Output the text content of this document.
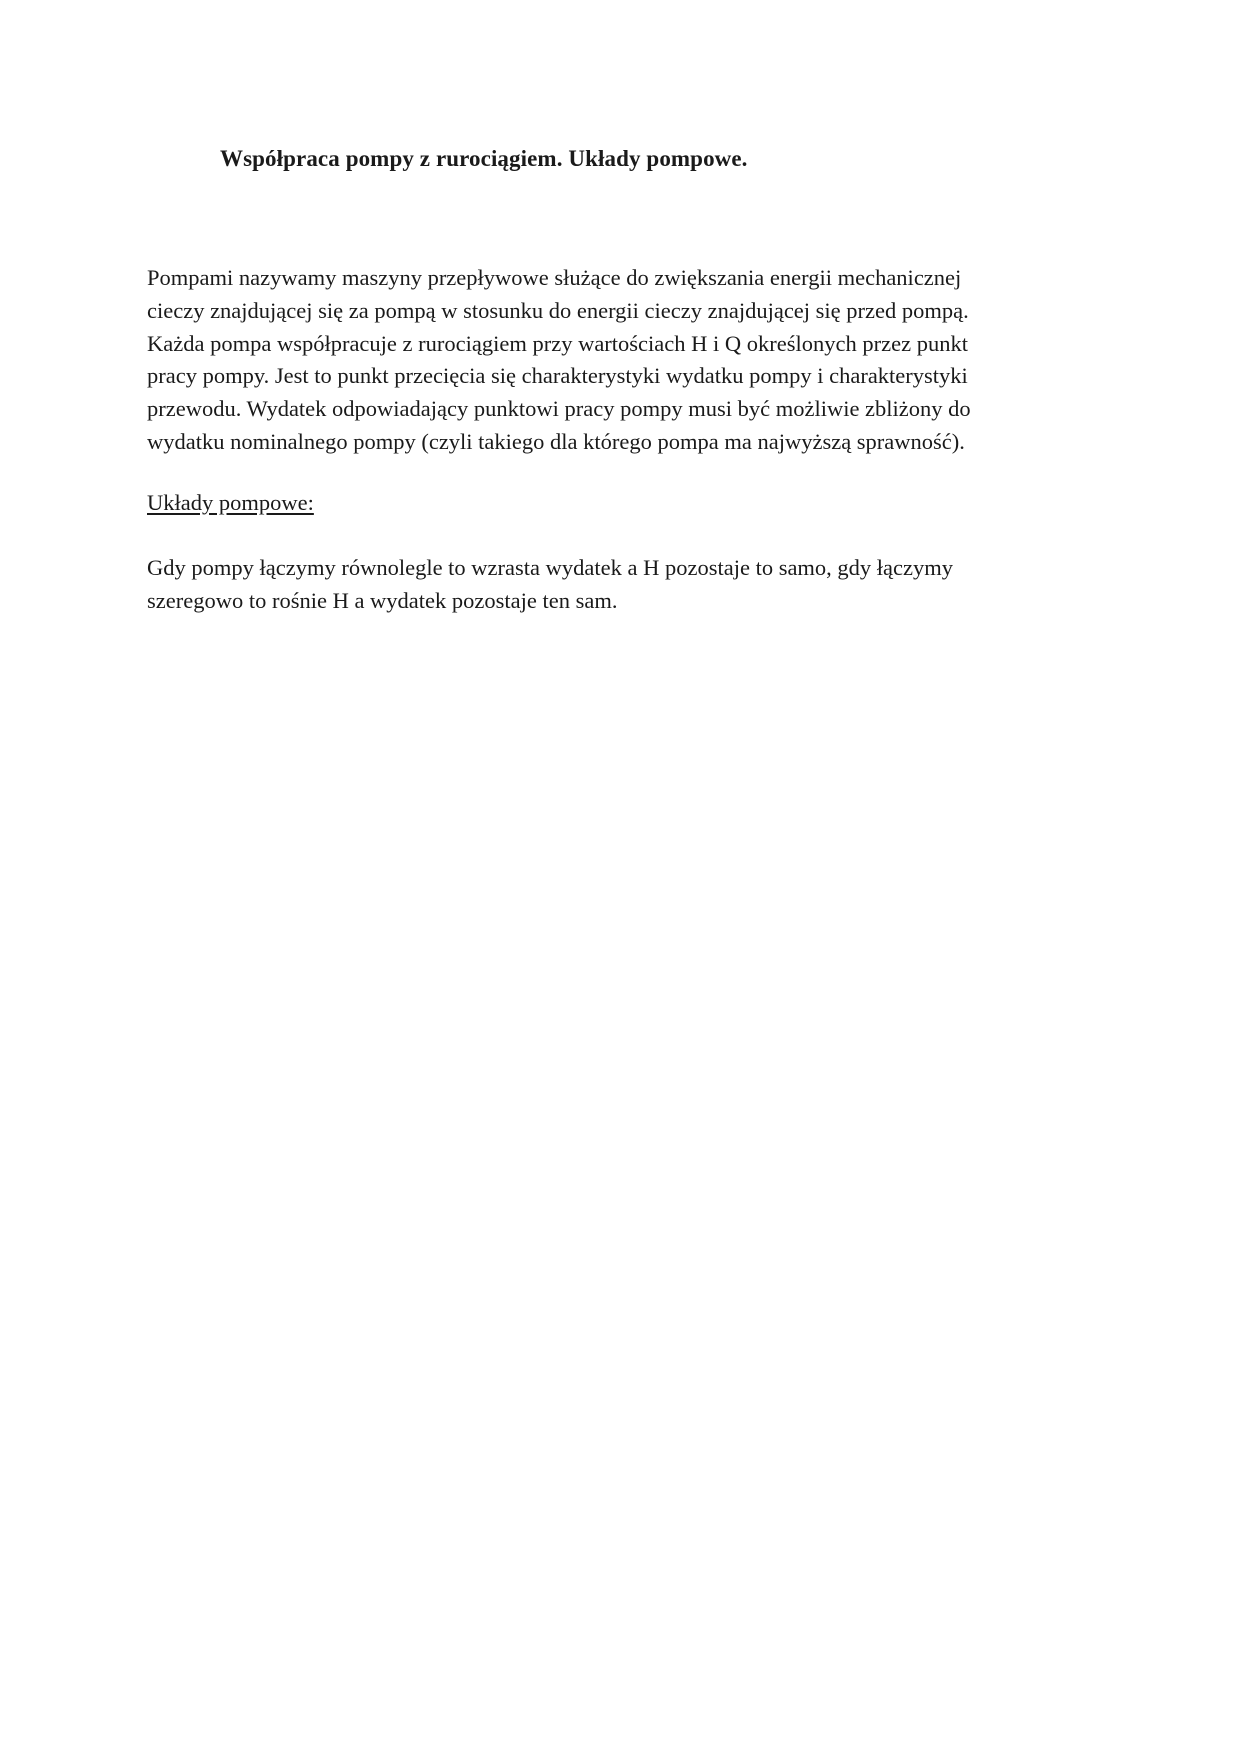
Współpraca pompy z rurociągiem. Układy pompowe.

Pompami nazywamy maszyny przepływowe służące do zwiększania energii mechanicznej
cieczy znajdującej się za pompą w stosunku do energii cieczy znajdującej się przed pompą.
Każda pompa współpracuje z rurociągiem przy wartościach H i Q określonych przez punkt
pracy pompy. Jest to punkt przecięcia się charakterystyki wydatku pompy i charakterystyki
przewodu. Wydatek odpowiadający punktowi pracy pompy musi być możliwie zbliżony do
wydatku nominalnego pompy (czyli takiego dla którego pompa ma najwyższą sprawność).

Układy pompowe:

Gdy pompy łączymy równolegle to wzrasta wydatek a H pozostaje to samo, gdy łączymy
szeregowo to rośnie H a wydatek pozostaje ten sam.
